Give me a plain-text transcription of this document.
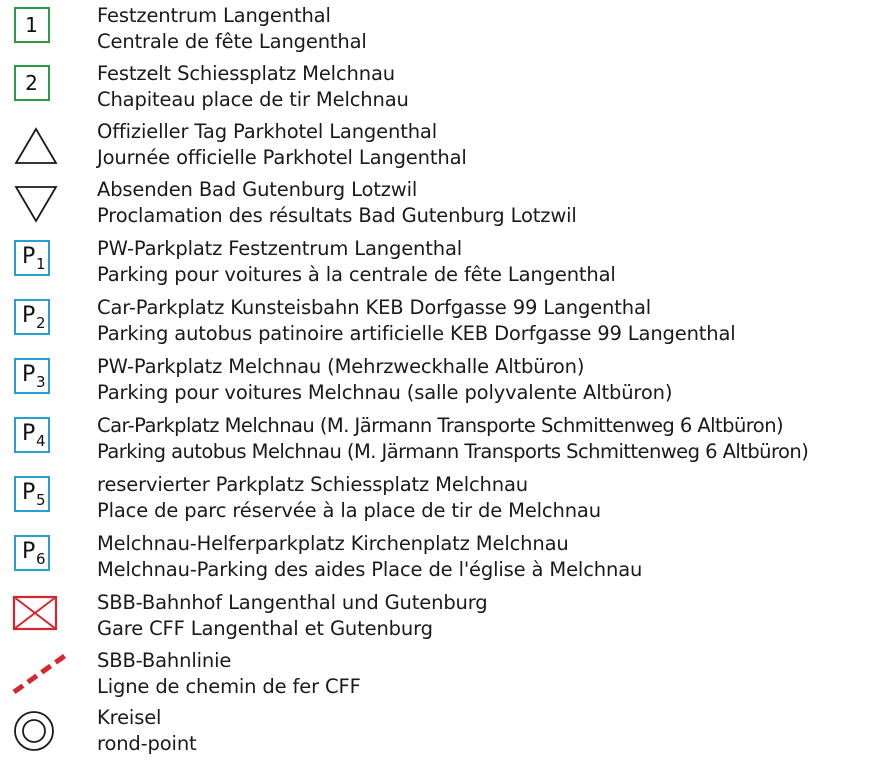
1	Festzentrum Langenthal
Centrale de fête Langenthal
2	Festzelt Schiessplatz Melchnau
Chapiteau place de tir Melchnau
Offizieller Tag Parkhotel Langenthal
Journée officielle Parkhotel Langenthal
Absenden Bad Gutenburg Lotzwil
Proclamation des résultats Bad Gutenburg Lotzwil
P 1
PW-Parkplatz Festzentrum Langenthal
Parking pour voitures à la centrale de fête Langenthal
P 2
Car-Parkplatz Kunsteisbahn KEB Dorfgasse 99 Langenthal
Parking autobus patinoire artificielle KEB Dorfgasse 99 Langenthal
P 3
PW-Parkplatz Melchnau (Mehrzweckhalle Altbüron)
Parking pour voitures Melchnau (salle polyvalente Altbüron)
P 4
Car-Parkplatz Melchnau (M. Järmann Transporte Schmittenweg 6 Altbüron)
Parking autobus Melchnau (M. Järmann Transports Schmittenweg 6 Altbüron)
P 5
reservierter Parkplatz Schiessplatz Melchnau
Place de parc réservée à la place de tir de Melchnau
P 6
Melchnau-Helferparkplatz Kirchenplatz Melchnau
Melchnau-Parking des aides Place de l'église à Melchnau
SBB-Bahnhof Langenthal und Gutenburg
Gare CFF Langenthal et Gutenburg
SBB-Bahnlinie
Ligne de chemin de fer CFF
Kreisel
rond-point
